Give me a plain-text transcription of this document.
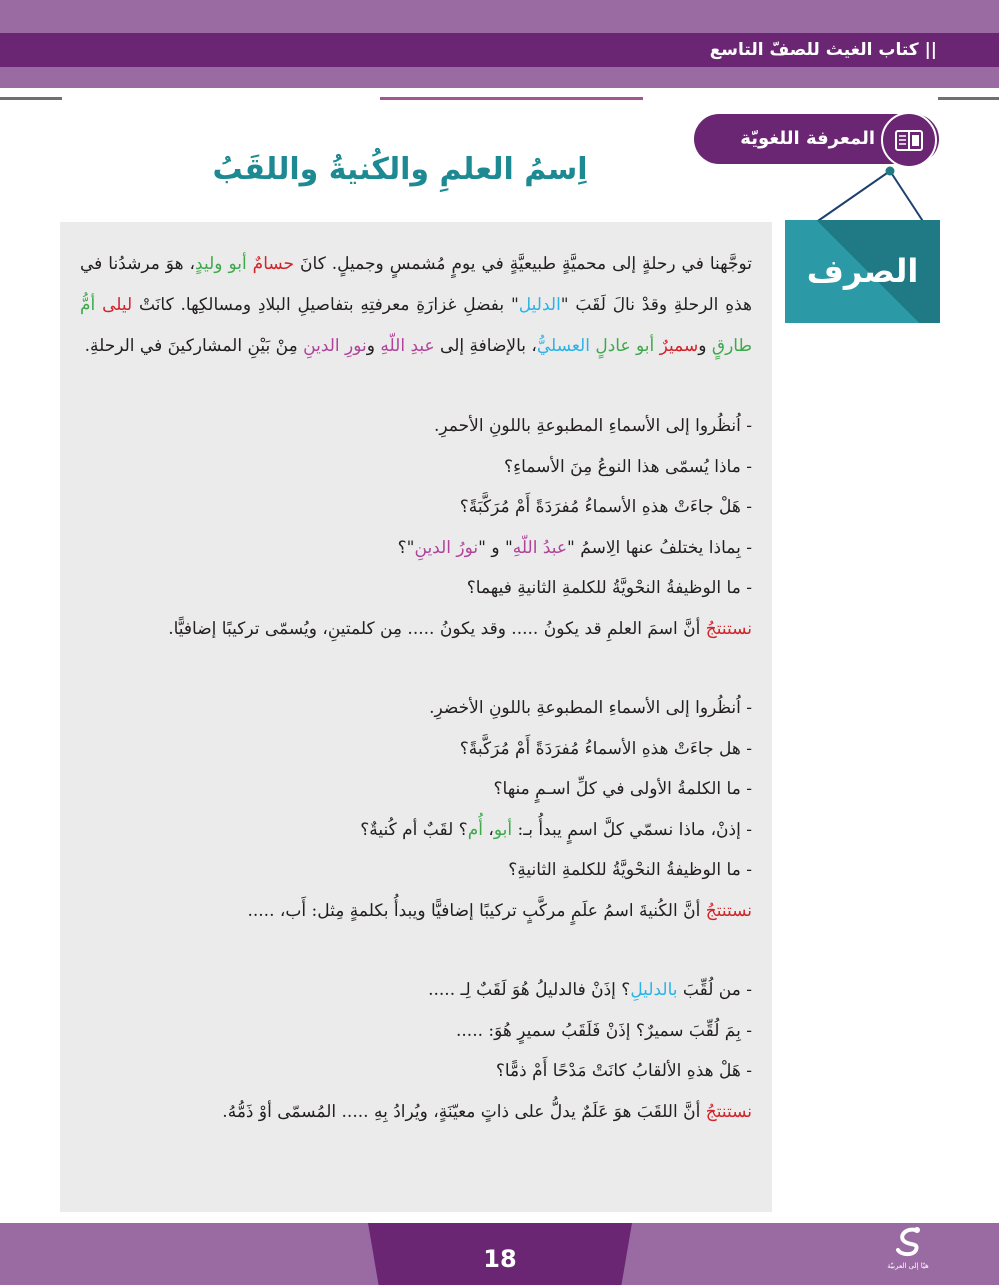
|| كتاب الغيث للصفّ التاسع
المعرفة اللغويّة
الصرف
اِسمُ العلمِ والكُنيةُ واللقَبُ
توجَّهنا في رحلةٍ إلى محميَّةٍ طبيعيَّةٍ في يومٍ مُشمسٍ وجميلٍ. كانَ حسامٌ أبو وليدٍ، هوَ مرشدُنا في هذهِ الرحلةِ وقدْ نالَ لَقَبَ "الدليل" بفضلِ غزارَةِ معرفتِهِ بتفاصيلِ البلادِ ومسالكِها. كانَتْ ليلى أمُّ طارقٍ وسميرٌ أبو عادلٍ العسليُّ، بالإضافةِ إلى عبدِ اللّهِ ونورِ الدينِ مِنْ بَيْنِ المشاركينَ في الرحلةِ.
- اُنظُروا إلى الأسماءِ المطبوعةِ باللونِ الأحمرِ.
- ماذا يُسمّى هذا النوعُ مِنَ الأسماءِ؟
- هَلْ جاءَتْ هذهِ الأسماءُ مُفرَدَةً أَمْ مُرَكَّبَةً؟
- بِماذا يختلفُ عنها الِاسمُ "عبدُ اللّهِ" و "نورُ الدينِ"؟
- ما الوظيفةُ النحْويَّةُ للكلمةِ الثانيةِ فيهما؟
نستنتجُ أنَّ اسمَ العلمِ قد يكونُ ..... وقد يكونُ ..... مِن كلمتينِ، ويُسمّى تركيبًا إضافيًّا.
- اُنظُروا إلى الأسماءِ المطبوعةِ باللونِ الأخضرِ.
- هل جاءَتْ هذهِ الأسماءُ مُفرَدَةً أَمْ مُرَكَّبةً؟
- ما الكلمةُ الأولى في كلِّ اسـمٍ منها؟
- إذنْ، ماذا نسمّي كلَّ اسمٍ يبدأُ بـ: أبو، أُم؟ لقَبٌ أم كُنيةٌ؟
- ما الوظيفةُ النحْويَّةُ للكلمةِ الثانيةِ؟
نستنتجُ أنَّ الكُنيةَ اسمُ علَمٍ مركَّبٍ تركيبًا إضافيًّا ويبدأُ بكلمةٍ مِثل: أَب، .....
- من لُقِّبَ بالدليلِ؟ إذَنْ فالدليلُ هُوَ لَقَبٌ لِـ .....
- بِمَ لُقِّبَ سميرٌ؟ إذَنْ فَلَقَبُ سميرٍ هُوَ: .....
- هَلْ هذهِ الألقابُ كانَتْ مَدْحًا أَمْ ذمًّا؟
نستنتجُ أنَّ اللقَبَ هوَ عَلَمٌ يدلُّ على ذاتٍ معيّنَةٍ، ويُرادُ بِهِ ..... المُسمّى أوْ ذَمُّهُ.
18	هيّا إلى العربيّة
